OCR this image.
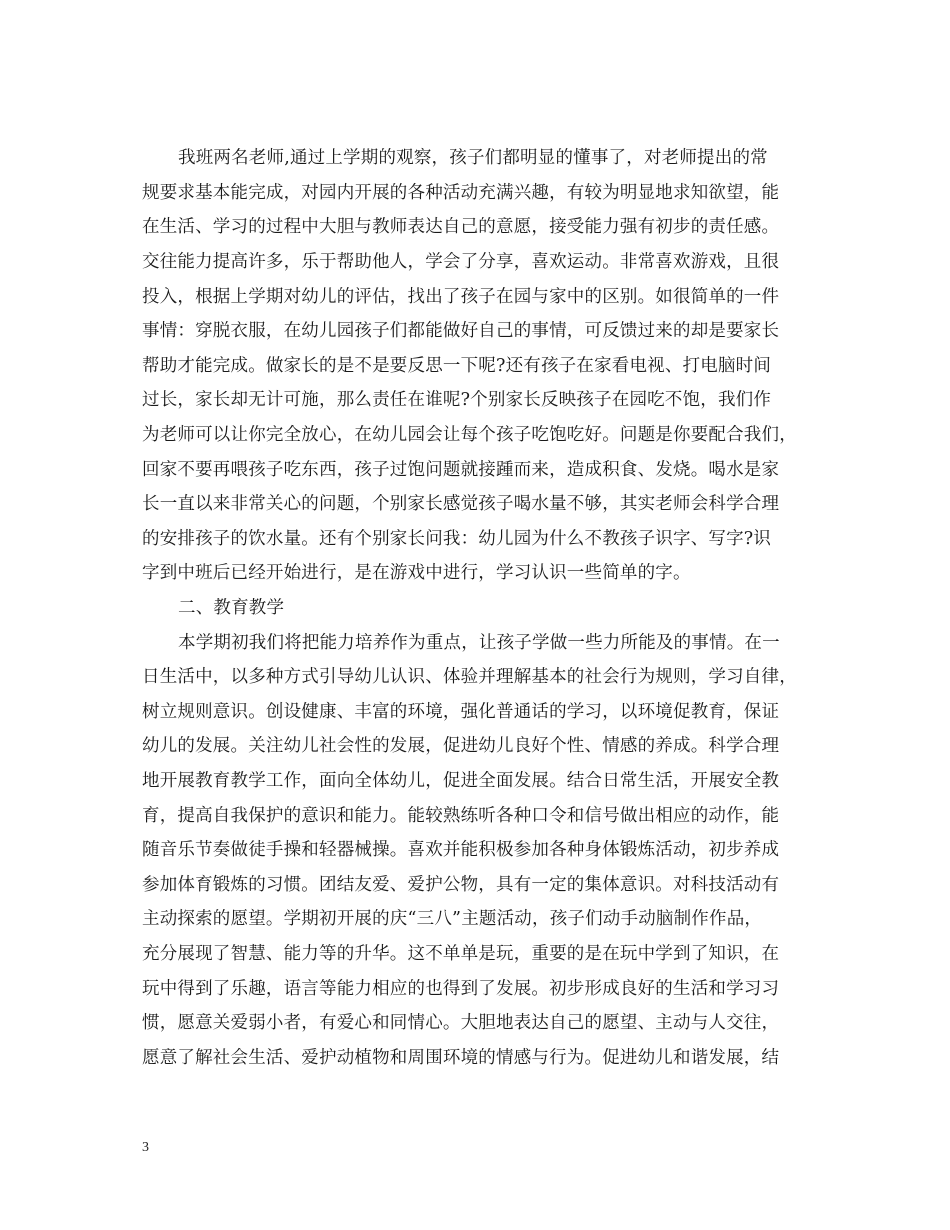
我班两名老师,通过上学期的观察，孩子们都明显的懂事了，对老师提出的常
规要求基本能完成，对园内开展的各种活动充满兴趣，有较为明显地求知欲望，能
在生活、学习的过程中大胆与教师表达自己的意愿，接受能力强有初步的责任感。
交往能力提高许多，乐于帮助他人，学会了分享，喜欢运动。非常喜欢游戏，且很
投入，根据上学期对幼儿的评估，找出了孩子在园与家中的区别。如很简单的一件
事情：穿脱衣服，在幼儿园孩子们都能做好自己的事情，可反馈过来的却是要家长
帮助才能完成。做家长的是不是要反思一下呢?还有孩子在家看电视、打电脑时间
过长，家长却无计可施，那么责任在谁呢?个别家长反映孩子在园吃不饱，我们作
为老师可以让你完全放心，在幼儿园会让每个孩子吃饱吃好。问题是你要配合我们，
回家不要再喂孩子吃东西，孩子过饱问题就接踵而来，造成积食、发烧。喝水是家
长一直以来非常关心的问题，个别家长感觉孩子喝水量不够，其实老师会科学合理
的安排孩子的饮水量。还有个别家长问我：幼儿园为什么不教孩子识字、写字?识
字到中班后已经开始进行，是在游戏中进行，学习认识一些简单的字。
二、教育教学
本学期初我们将把能力培养作为重点，让孩子学做一些力所能及的事情。在一
日生活中，以多种方式引导幼儿认识、体验并理解基本的社会行为规则，学习自律，
树立规则意识。创设健康、丰富的环境，强化普通话的学习，以环境促教育，保证
幼儿的发展。关注幼儿社会性的发展，促进幼儿良好个性、情感的养成。科学合理
地开展教育教学工作，面向全体幼儿，促进全面发展。结合日常生活，开展安全教
育，提高自我保护的意识和能力。能较熟练听各种口令和信号做出相应的动作，能
随音乐节奏做徒手操和轻器械操。喜欢并能积极参加各种身体锻炼活动，初步养成
参加体育锻炼的习惯。团结友爱、爱护公物，具有一定的集体意识。对科技活动有
主动探索的愿望。学期初开展的庆“三八”主题活动，孩子们动手动脑制作作品，
充分展现了智慧、能力等的升华。这不单单是玩，重要的是在玩中学到了知识，在
玩中得到了乐趣，语言等能力相应的也得到了发展。初步形成良好的生活和学习习
惯，愿意关爱弱小者，有爱心和同情心。大胆地表达自己的愿望、主动与人交往，
愿意了解社会生活、爱护动植物和周围环境的情感与行为。促进幼儿和谐发展，结
3
